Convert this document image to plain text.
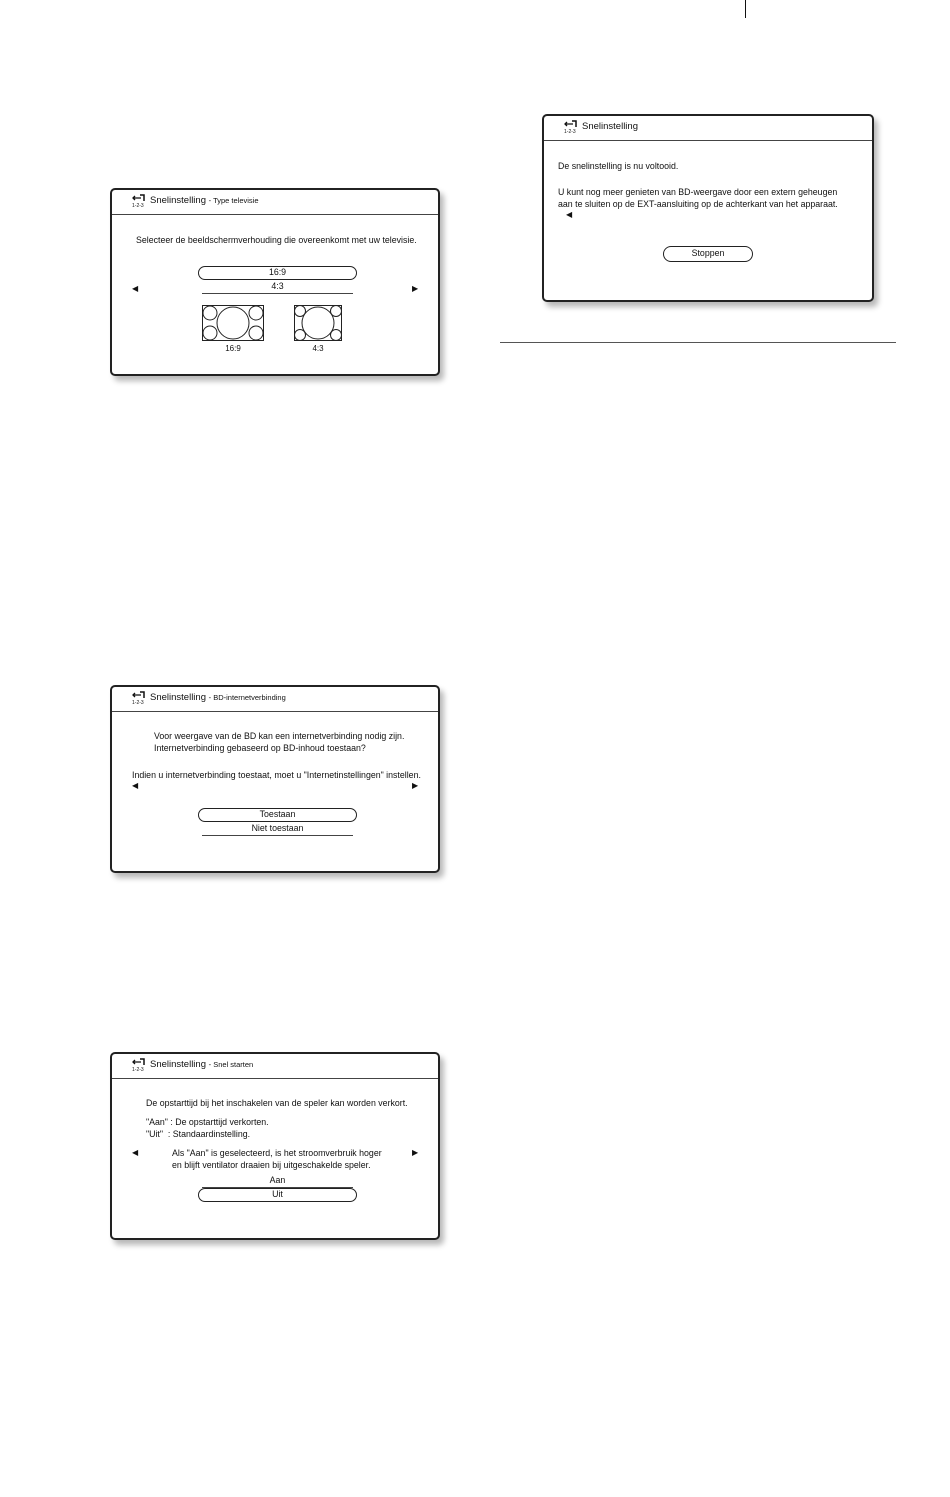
1-2-3 Snelinstelling - Type televisie
Selecteer de beeldschermverhouding die overeenkomt met uw televisie.
◀	▶
16:9
4:3
16:9	4:3
1-2-3 Snelinstelling - BD-internetverbinding
Voor weergave van de BD kan een internetverbinding nodig zijn.
Internetverbinding gebaseerd op BD-inhoud toestaan?
Indien u internetverbinding toestaat, moet u "Internetinstellingen" instellen.
◀	▶
Toestaan
Niet toestaan
1-2-3 Snelinstelling - Snel starten
De opstarttijd bij het inschakelen van de speler kan worden verkort.
"Aan" : De opstarttijd verkorten.
"Uit"  : Standaardinstelling.
Als "Aan" is geselecteerd, is het stroomverbruik hoger
en blijft ventilator draaien bij uitgeschakelde speler.
◀	▶
Aan
Uit
1-2-3 Snelinstelling
De snelinstelling is nu voltooid.
U kunt nog meer genieten van BD-weergave door een extern geheugen
aan te sluiten op de EXT-aansluiting op de achterkant van het apparaat.
◀
Stoppen
